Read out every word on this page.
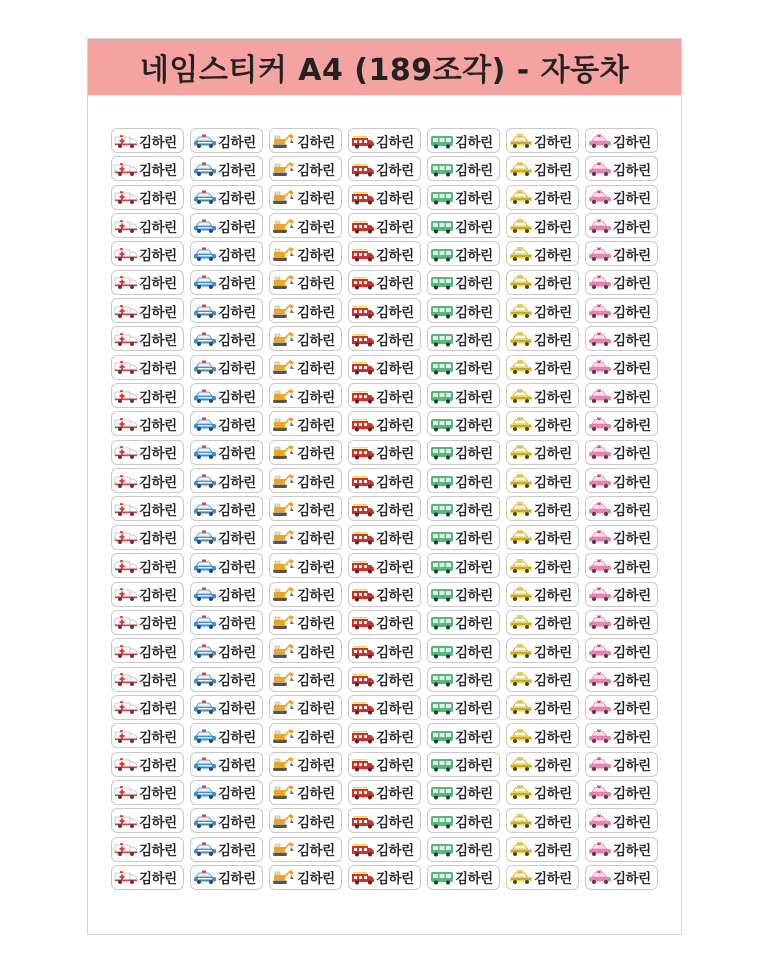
네임스티커 A4 (189조각) - 자동차
김하린	김하린	김하린	김하린	김하린	김하린	김하린
김하린	김하린	김하린	김하린	김하린	김하린	김하린
김하린	김하린	김하린	김하린	김하린	김하린	김하린
김하린	김하린	김하린	김하린	김하린	김하린	김하린
김하린	김하린	김하린	김하린	김하린	김하린	김하린
김하린	김하린	김하린	김하린	김하린	김하린	김하린
김하린	김하린	김하린	김하린	김하린	김하린	김하린
김하린	김하린	김하린	김하린	김하린	김하린	김하린
김하린	김하린	김하린	김하린	김하린	김하린	김하린
김하린	김하린	김하린	김하린	김하린	김하린	김하린
김하린	김하린	김하린	김하린	김하린	김하린	김하린
김하린	김하린	김하린	김하린	김하린	김하린	김하린
김하린	김하린	김하린	김하린	김하린	김하린	김하린
김하린	김하린	김하린	김하린	김하린	김하린	김하린
김하린	김하린	김하린	김하린	김하린	김하린	김하린
김하린	김하린	김하린	김하린	김하린	김하린	김하린
김하린	김하린	김하린	김하린	김하린	김하린	김하린
김하린	김하린	김하린	김하린	김하린	김하린	김하린
김하린	김하린	김하린	김하린	김하린	김하린	김하린
김하린	김하린	김하린	김하린	김하린	김하린	김하린
김하린	김하린	김하린	김하린	김하린	김하린	김하린
김하린	김하린	김하린	김하린	김하린	김하린	김하린
김하린	김하린	김하린	김하린	김하린	김하린	김하린
김하린	김하린	김하린	김하린	김하린	김하린	김하린
김하린	김하린	김하린	김하린	김하린	김하린	김하린
김하린	김하린	김하린	김하린	김하린	김하린	김하린
김하린	김하린	김하린	김하린	김하린	김하린	김하린
